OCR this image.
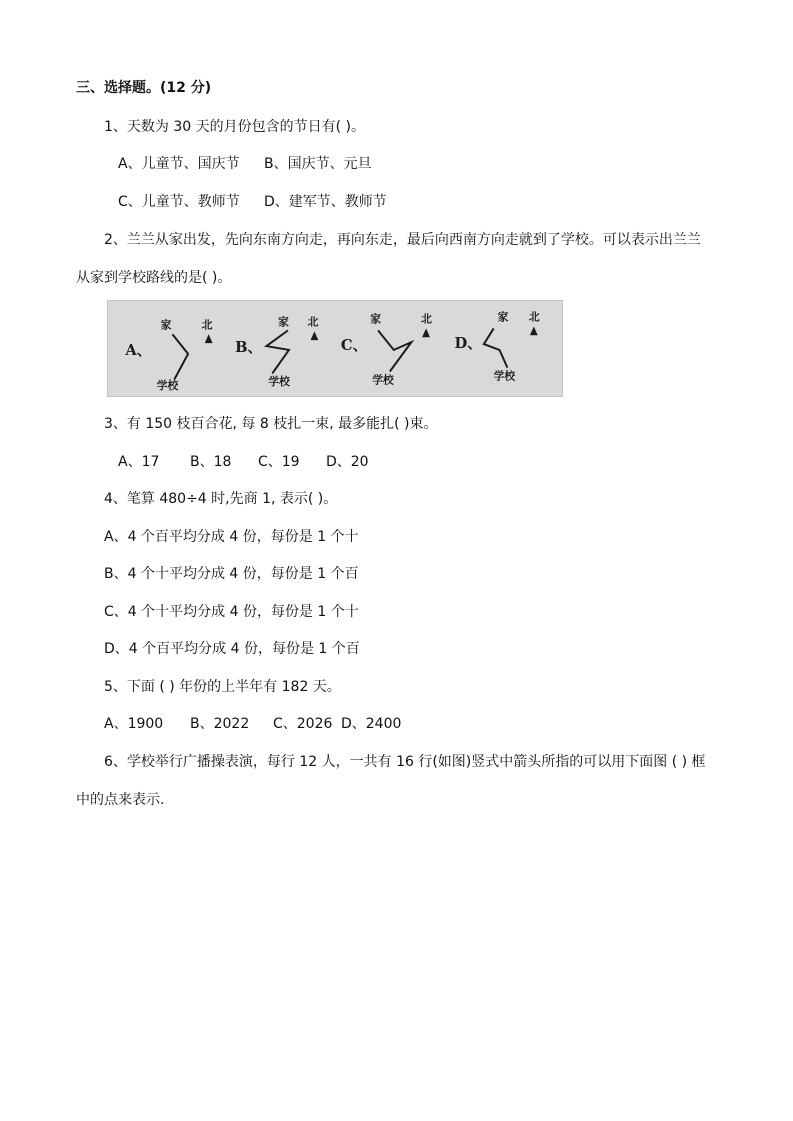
三、选择题。(12 分)
1、天数为 30 天的月份包含的节日有( )。
A、儿童节、国庆节 B、国庆节、元旦
C、儿童节、教师节 D、建军节、教师节
2、兰兰从家出发，先向东南方向走，再向东走，最后向西南方向走就到了学校。可以表示出兰兰
从家到学校路线的是( )。
A、
家	北
学校
B、
家 北
学校
C、
家	北
学校
D、
家 北
学校
3、有 150 枝百合花, 每 8 枝扎一束, 最多能扎( )束。
A、17 B、18 C、19 D、20
4、笔算 480÷4 时,先商 1, 表示( )。
A、4 个百平均分成 4 份，每份是 1 个十
B、4 个十平均分成 4 份，每份是 1 个百
C、4 个十平均分成 4 份，每份是 1 个十
D、4 个百平均分成 4 份，每份是 1 个百
5、下面 ( ) 年份的上半年有 182 天。
A、1900 B、2022 C、2026 D、2400
6、学校举行广播操表演，每行 12 人，一共有 16 行(如图)竖式中箭头所指的可以用下面图 ( ) 框
中的点来表示.
